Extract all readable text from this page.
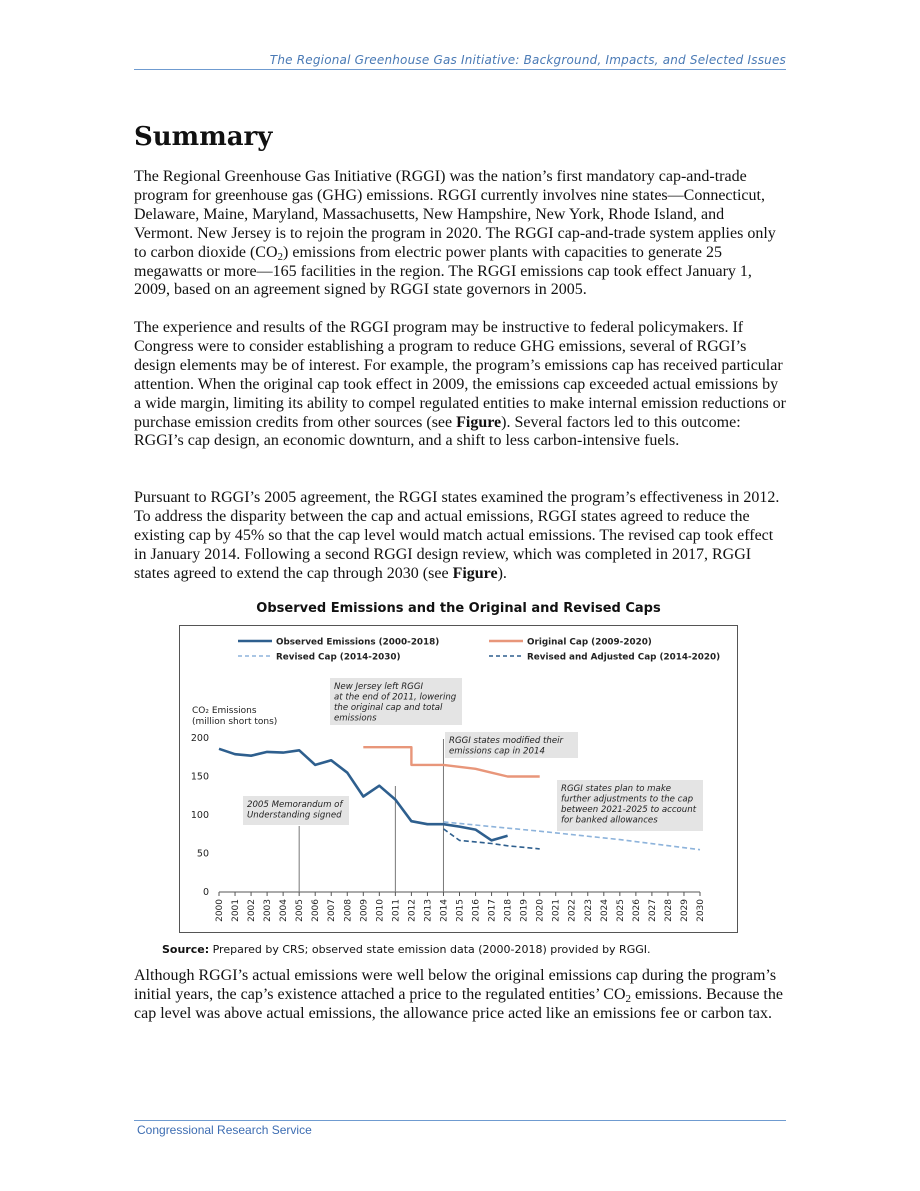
The Regional Greenhouse Gas Initiative: Background, Impacts, and Selected Issues
Summary

The Regional Greenhouse Gas Initiative (RGGI) was the nation’s first mandatory cap-and-trade program for greenhouse gas (GHG) emissions. RGGI currently involves nine states—Connecticut, Delaware, Maine, Maryland, Massachusetts, New Hampshire, New York, Rhode Island, and Vermont. New Jersey is to rejoin the program in 2020. The RGGI cap-and-trade system applies only to carbon dioxide $(CO_2)$ emissions from electric power plants with capacities to generate 25 megawatts or more—165 facilities in the region. The RGGI emissions cap took effect January 1, 2009, based on an agreement signed by RGGI state governors in 2005.

The experience and results of the RGGI program may be instructive to federal policymakers. If Congress were to consider establishing a program to reduce GHG emissions, several of RGGI’s design elements may be of interest. For example, the program’s emissions cap has received particular attention. When the original cap took effect in 2009, the emissions cap exceeded actual emissions by a wide margin, limiting its ability to compel regulated entities to make internal emission reductions or purchase emission credits from other sources (see Figure). Several factors led to this outcome: RGGI’s cap design, an economic downturn, and a shift to less carbon-intensive fuels.

Pursuant to RGGI’s 2005 agreement, the RGGI states examined the program’s effectiveness in 2012. To address the disparity between the cap and actual emissions, RGGI states agreed to reduce the existing cap by 45% so that the cap level would match actual emissions. The revised cap took effect in January 2014. Following a second RGGI design review, which was completed in 2017, RGGI states agreed to extend the cap through 2030 (see Figure).

Observed Emissions and the Original and Revised Caps
0
50
100
150
200
CO₂ Emissions
(million short tons)
2000 2001 2002 2003 2004 2005 2006 2007 2008 2009 2010 2011 2012 2013 2014 2015 2016 2017 2018 2019 2020 2021 2022 2023 2024 2025 2026 2027 2028 2029 2030
New Jersey left RGGI
at the end of 2011, lowering
the original cap and total
emissions
RGGI states modified their
emissions cap in 2014
2005 Memorandum of
Understanding signed
RGGI states plan to make
further adjustments to the cap
between 2021-2025 to account
for banked allowances
Observed Emissions (2000-2018)	Original Cap (2009-2020)
Revised Cap (2014-2030)	Revised and Adjusted Cap (2014-2020)
Source: Prepared by CRS; observed state emission data (2000-2018) provided by RGGI.

Although RGGI’s actual emissions were well below the original emissions cap during the program’s initial years, the cap’s existence attached a price to the regulated entities’ $CO_2$ emissions. Because the cap level was above actual emissions, the allowance price acted like an emissions fee or carbon tax.

Congressional Research Service
